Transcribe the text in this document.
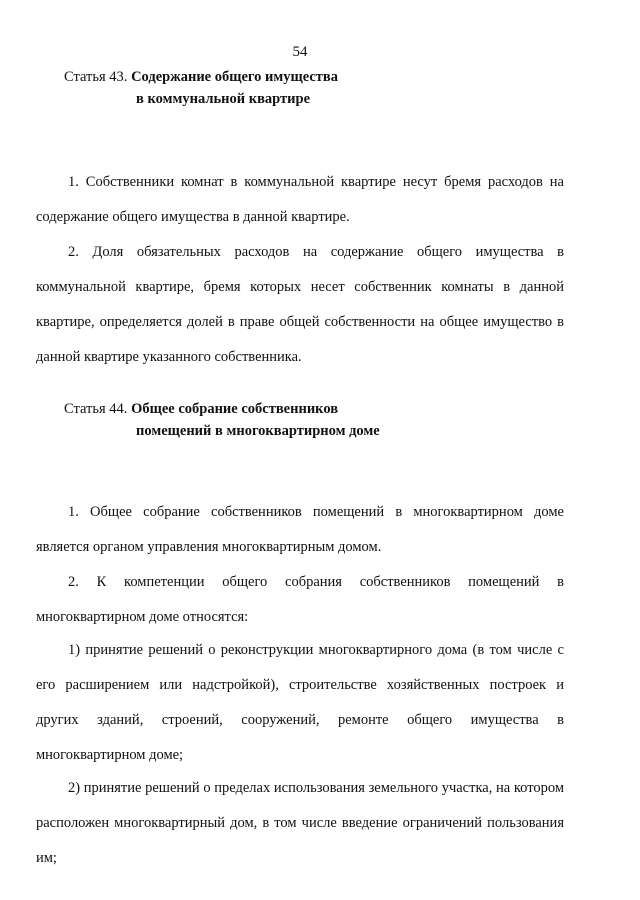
54
Статья 43. Содержание общего имущества
в коммунальной квартире

1. Собственники комнат в коммунальной квартире несут бремя расходов на содержание общего имущества в данной квартире.

2. Доля обязательных расходов на содержание общего имущества в коммунальной квартире, бремя которых несет собственник комнаты в данной квартире, определяется долей в праве общей собственности на общее имущество в данной квартире указанного собственника.

Статья 44. Общее собрание собственников
помещений в многоквартирном доме

1. Общее собрание собственников помещений в многоквартирном доме является органом управления многоквартирным домом.

2. К компетенции общего собрания собственников помещений в многоквартирном доме относятся:

1) принятие решений о реконструкции многоквартирного дома (в том числе с его расширением или надстройкой), строительстве хозяйственных построек и других зданий, строений, сооружений, ремонте общего имущества в многоквартирном доме;

2) принятие решений о пределах использования земельного участка, на котором расположен многоквартирный дом, в том числе введение ограничений пользования им;
